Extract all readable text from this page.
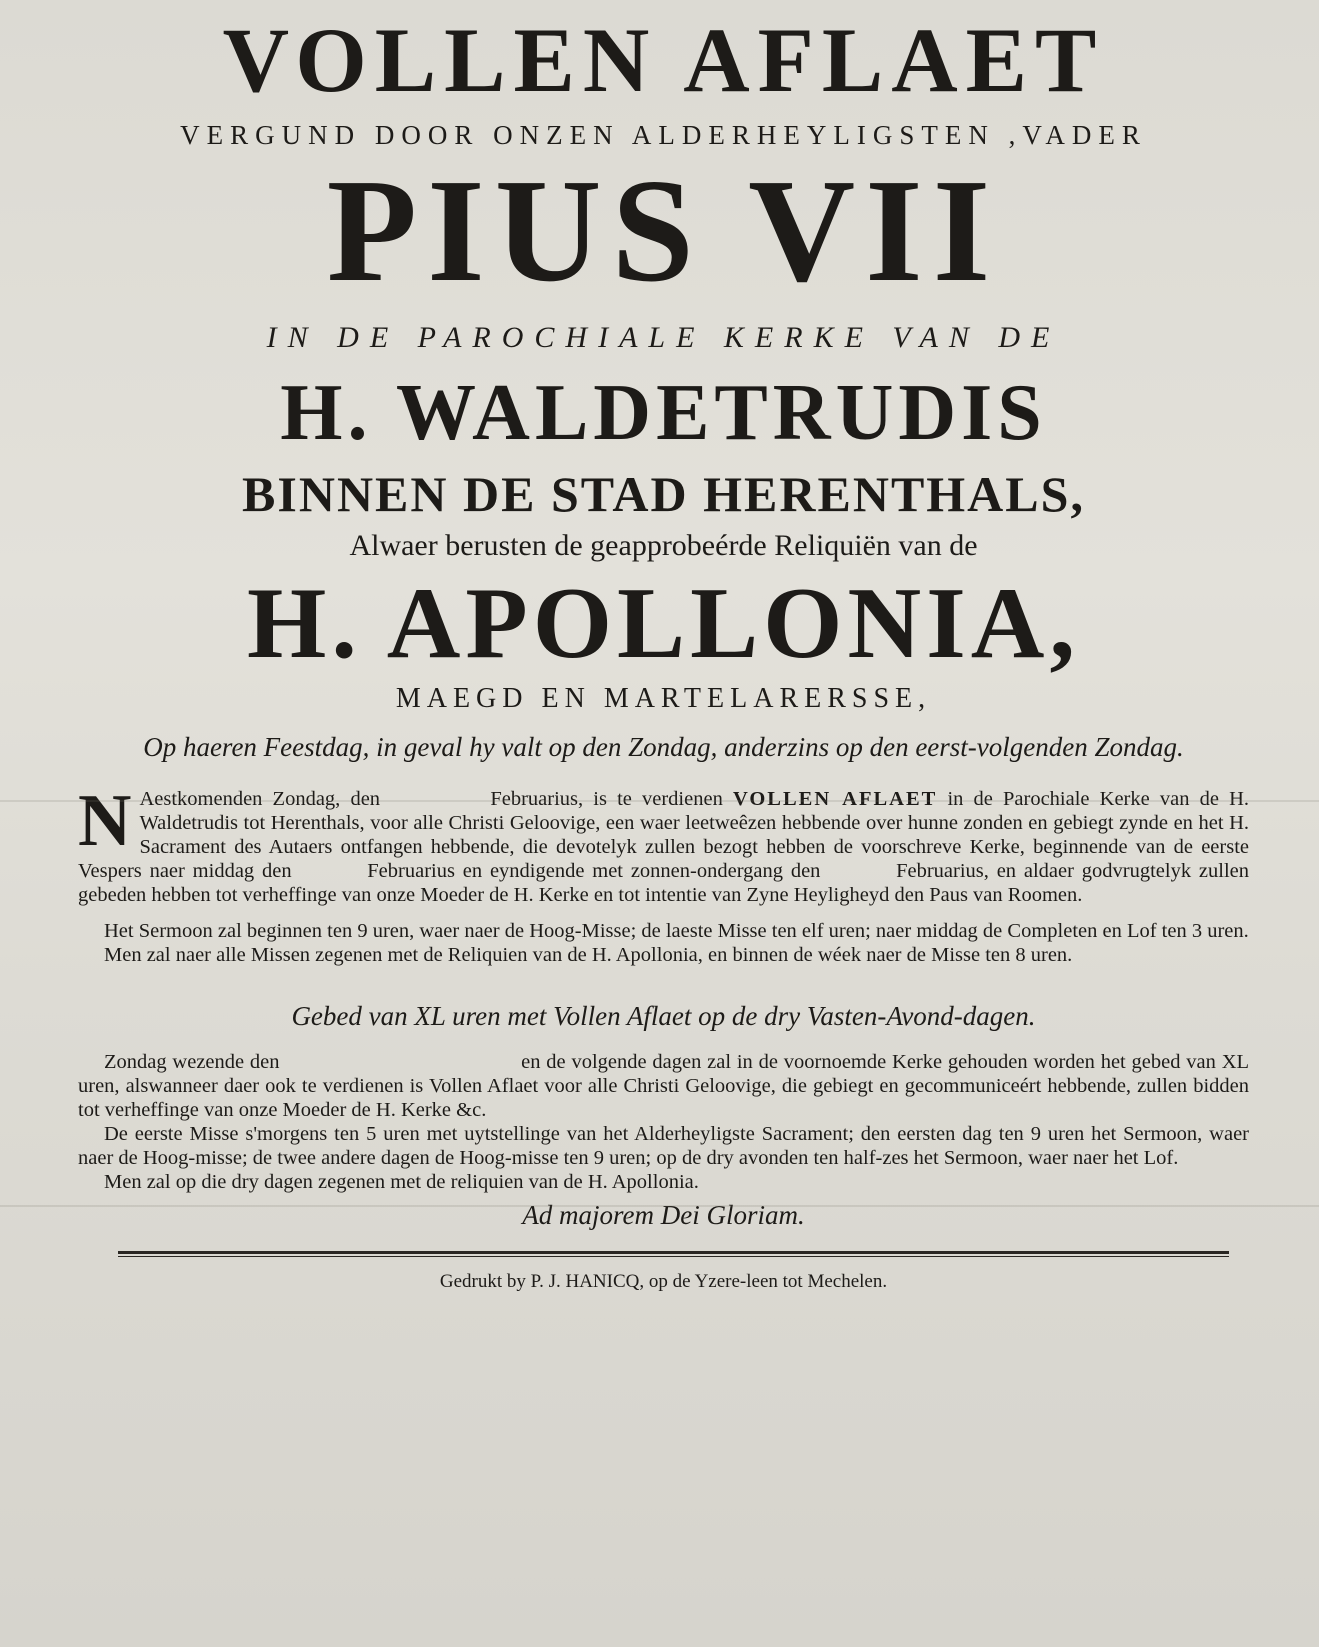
VOLLEN AFLAET

VERGUND DOOR ONZEN ALDERHEYLIGSTEN ,VADER

PIUS VII

IN DE PAROCHIALE KERKE VAN DE

H. WALDETRUDIS

BINNEN DE STAD HERENTHALS,

Alwaer berusten de geapprobeérde Reliquiën van de

H. APOLLONIA,

MAEGD EN MARTELARERSSE,

Op haeren Feestdag, in geval hy valt op den Zondag, anderzins op den eerst-volgenden Zondag.

N Aestkomenden Zondag, den	Februarius, is te verdienen VOLLEN AFLAET in de Parochiale Kerke van de H. Waldetrudis tot Herenthals, voor alle Christi Geloovige, een waer leetweêzen hebbende over hunne zonden en gebiegt zynde en het H. Sacrament des Autaers ontfangen hebbende, die devotelyk zullen bezogt hebben de voorschreve Kerke, beginnende van de eerste Vespers naer middag den	Februarius en eyndigende met zonnen-ondergang den	Februarius, en aldaer godvrugtelyk zullen gebeden hebben tot verheffinge van onze Moeder de H. Kerke en tot intentie van Zyne Heyligheyd den Paus van Roomen.

Het Sermoon zal beginnen ten 9 uren, waer naer de Hoog-Misse; de laeste Misse ten elf uren; naer middag de Completen en Lof ten 3 uren.

Men zal naer alle Missen zegenen met de Reliquien van de H. Apollonia, en binnen de wéek naer de Misse ten 8 uren.

Gebed van XL uren met Vollen Aflaet op de dry Vasten-Avond-dagen.

Zondag wezende den	en de volgende dagen zal in de voornoemde Kerke gehouden worden het gebed van XL uren, alswanneer daer ook te verdienen is Vollen Aflaet voor alle Christi Geloovige, die gebiegt en gecommuniceért hebbende, zullen bidden tot verheffinge van onze Moeder de H. Kerke &c.

De eerste Misse s'morgens ten 5 uren met uytstellinge van het Alderheyligste Sacrament; den eersten dag ten 9 uren het Sermoon, waer naer de Hoog-misse; de twee andere dagen de Hoog-misse ten 9 uren; op de dry avonden ten half-zes het Sermoon, waer naer het Lof.

Men zal op die dry dagen zegenen met de reliquien van de H. Apollonia.

Ad majorem Dei Gloriam.

Gedrukt by P. J. HANICQ, op de Yzere-leen tot Mechelen.
